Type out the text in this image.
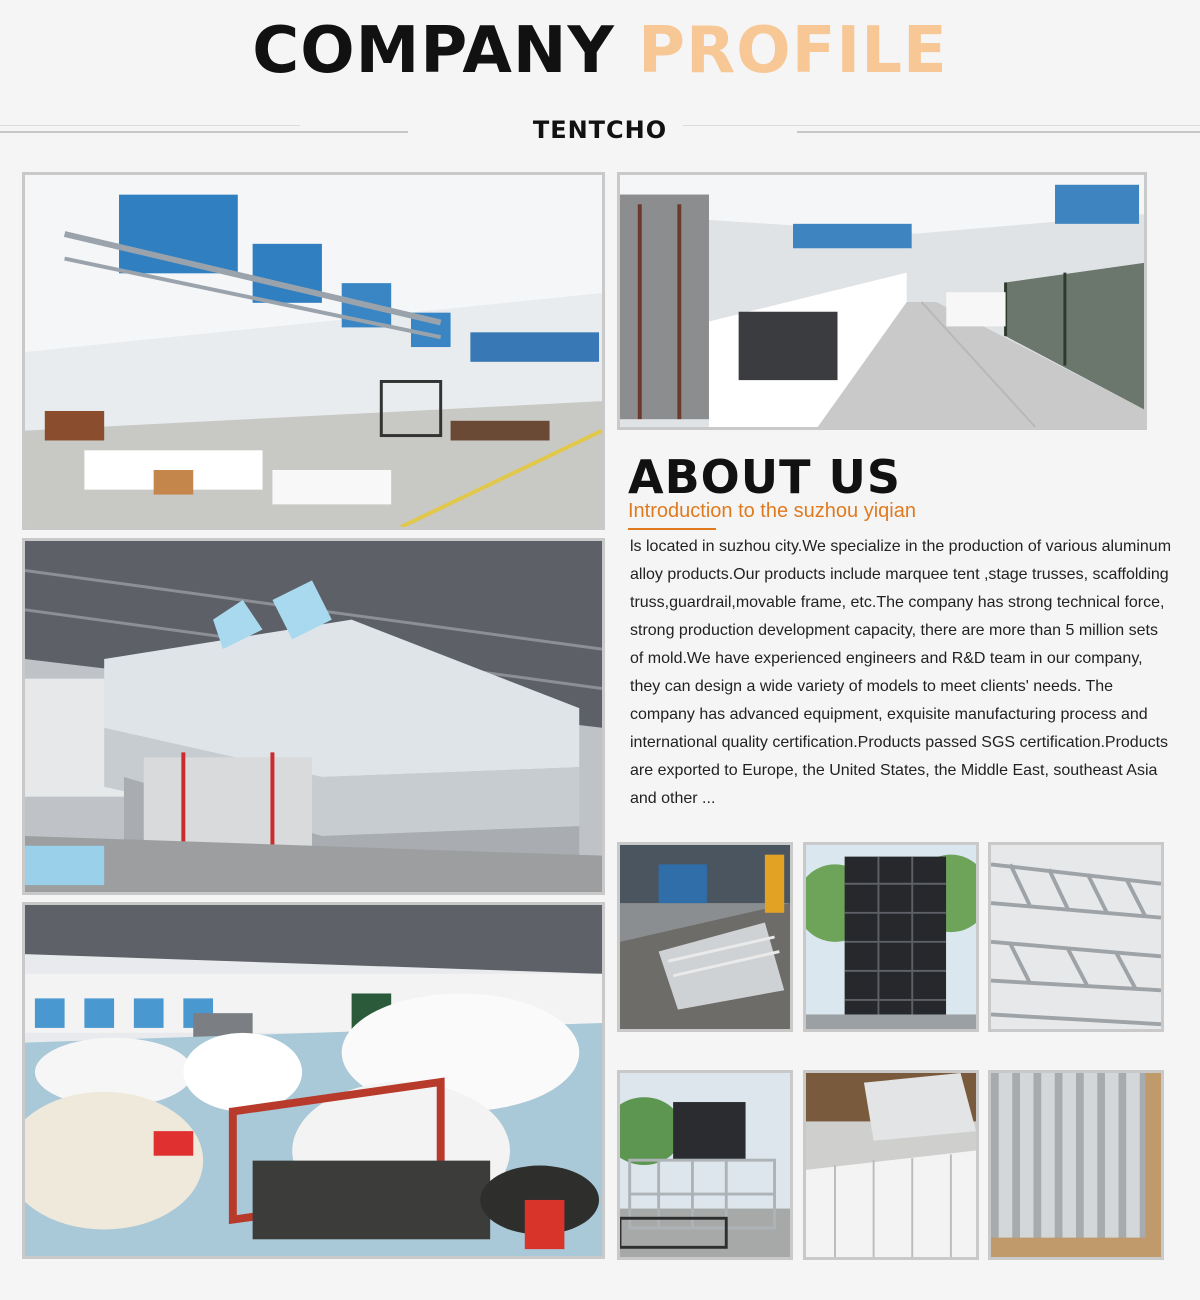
COMPANY PROFILE
TENTCHO
ABOUT US
Introduction to the suzhou yiqian
ls located in suzhou city.We specialize in the production of various aluminum alloy products.Our products include marquee tent ,stage trusses, scaffolding truss,guardrail,movable frame, etc.The company has strong technical force, strong production development capacity, there are more than 5 million sets of mold.We have experienced engineers and R&D team in our company, they can design a wide variety of models to meet clients' needs. The company has advanced equipment, exquisite manufacturing process and international quality certification.Products passed SGS certification.Products are exported to Europe, the United States, the Middle East, southeast Asia and other ...
